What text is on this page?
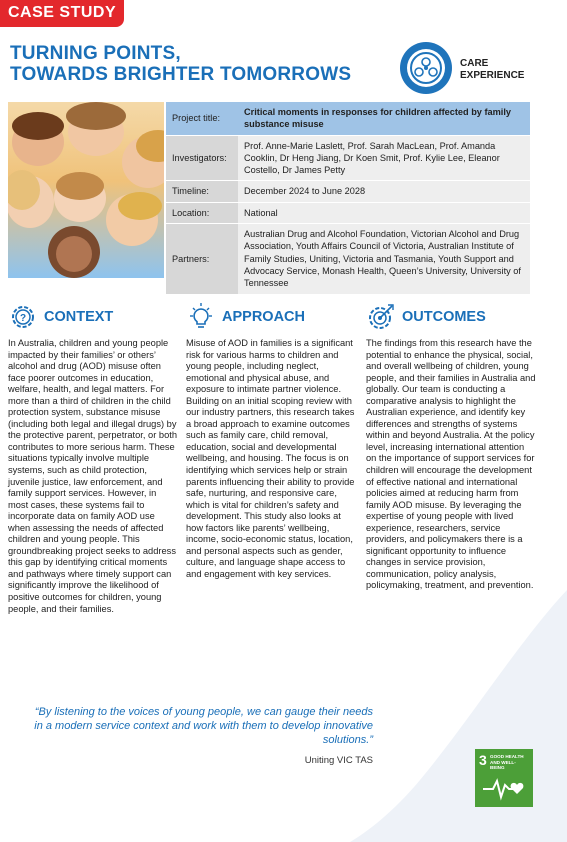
CASE STUDY
TURNING POINTS,
TOWARDS BRIGHTER TOMORROWS
CARE
EXPERIENCE
Project title:	Critical moments in responses for children affected by family substance misuse
Investigators:	Prof. Anne-Marie Laslett, Prof. Sarah MacLean, Prof. Amanda Cooklin, Dr Heng Jiang, Dr Koen Smit, Prof. Kylie Lee, Eleanor Costello, Dr James Petty
Timeline:	December 2024 to June 2028
Location:	National
Partners:	Australian Drug and Alcohol Foundation, Victorian Alcohol and Drug Association, Youth Affairs Council of Victoria, Australian Institute of Family Studies, Uniting, Victoria and Tasmania, Youth Support and Advocacy Service, Monash Health, Queen’s University, University of Tennessee
? CONTEXT

In Australia, children and young people impacted by their families’ or others’ alcohol and drug (AOD) misuse often face poorer outcomes in education, welfare, health, and legal matters. For more than a third of children in the child protection system, substance misuse (including both legal and illegal drugs) by the protective parent, perpetrator, or both contributes to more serious harm. These situations typically involve multiple systems, such as child protection, juvenile justice, law enforcement, and family support services. However, in most cases, these systems fail to incorporate data on family AOD use when assessing the needs of affected children and young people. This groundbreaking project seeks to address this gap by identifying critical moments and pathways where timely support can significantly improve the likelihood of positive outcomes for children, young people, and their families.

APPROACH

Misuse of AOD in families is a significant risk for various harms to children and young people, including neglect, emotional and physical abuse, and exposure to intimate partner violence. Building on an initial scoping review with our industry partners, this research takes a broad approach to examine outcomes such as family care, child removal, education, social and developmental wellbeing, and housing. The focus is on identifying which services help or strain parents influencing their ability to provide safe, nurturing, and responsive care, which is vital for children’s safety and development. This study also looks at how factors like parents’ wellbeing, income, socio-economic status, location, and personal aspects such as gender, culture, and language shape access to and engagement with key services.

OUTCOMES

The findings from this research have the potential to enhance the physical, social, and overall wellbeing of children, young people, and their families in Australia and globally. Our team is conducting a comparative analysis to highlight the Australian experience, and identify key differences and strengths of systems within and beyond Australia. At the policy level, increasing international attention on the importance of support services for children will encourage the development of effective national and international policies aimed at reducing harm from family AOD misuse. By leveraging the expertise of young people with lived experience, researchers, service providers, and policymakers there is a significant opportunity to influence changes in service provision, communication, policy analysis, policymaking, treatment, and prevention.

“By listening to the voices of young people, we can gauge their needs in a modern service context and work with them to develop innovative solutions.”
Uniting VIC TAS	3 GOOD HEALTH AND WELL-BEING
